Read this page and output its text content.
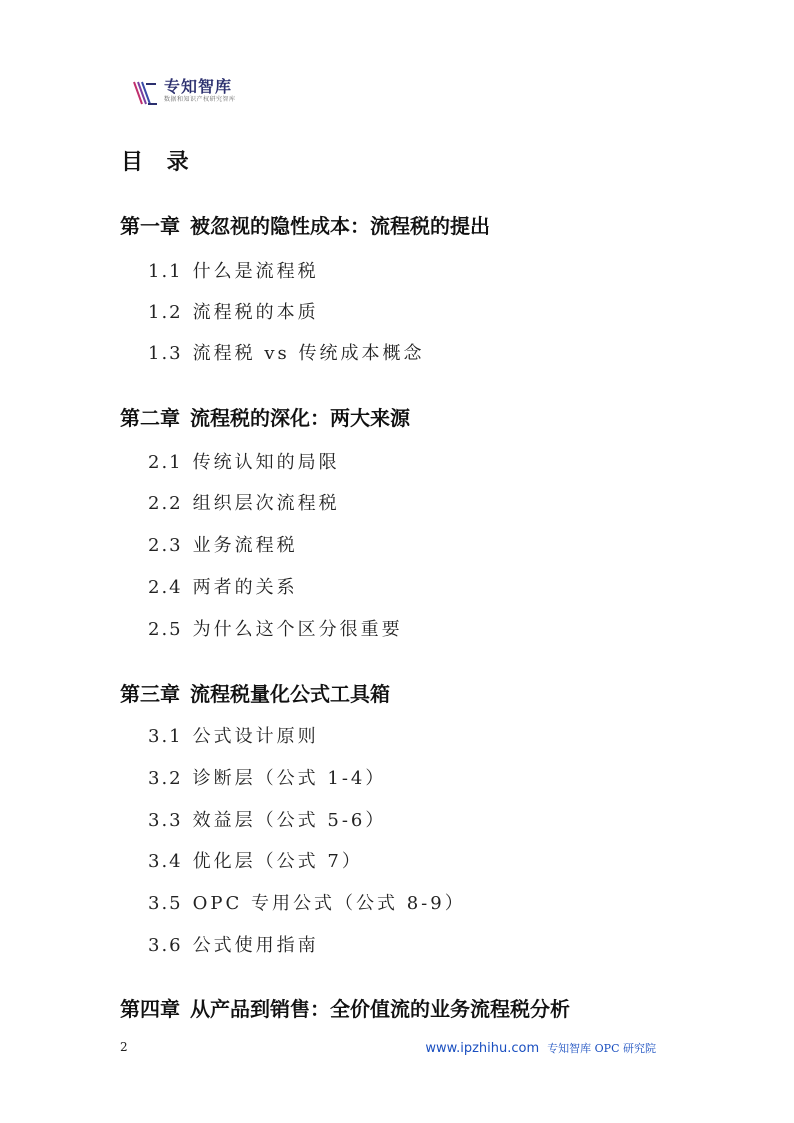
专知智库
数据和知识产权研究智库
目 录
第一章 被忽视的隐性成本：流程税的提出
1.1 什么是流程税
1.2 流程税的本质
1.3 流程税 vs 传统成本概念
第二章 流程税的深化：两大来源
2.1 传统认知的局限
2.2 组织层次流程税
2.3 业务流程税
2.4 两者的关系
2.5 为什么这个区分很重要
第三章 流程税量化公式工具箱
3.1 公式设计原则
3.2 诊断层（公式 1-4）
3.3 效益层（公式 5-6）
3.4 优化层（公式 7）
3.5 OPC 专用公式（公式 8-9）
3.6 公式使用指南
第四章 从产品到销售：全价值流的业务流程税分析
2	www.ipzhihu.com 专知智库 OPC 研究院
